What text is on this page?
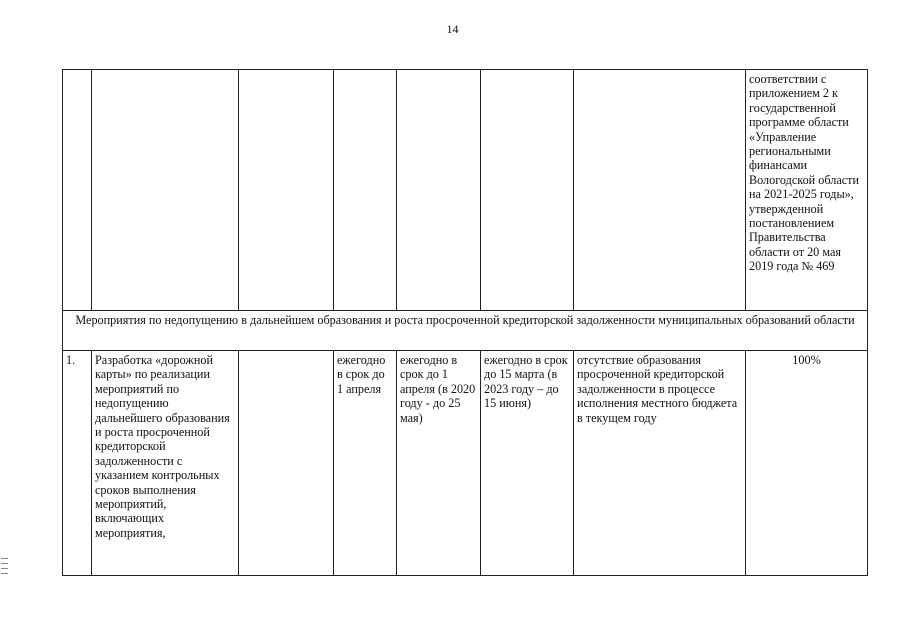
14
							соответствии с приложением 2 к государственной программе области «Управление региональными финансами Вологодской области на 2021-2025 годы», утвержденной постановлением Правительства области от 20 мая 2019 года № 469
Мероприятия по недопущению в дальнейшем образования и роста просроченной кредиторской задолженности муниципальных образований области							
1.	Разработка «дорожной карты» по реализации мероприятий по недопущению дальнейшего образования и роста просроченной кредиторской задолженности с указанием контрольных сроков выполнения мероприятий, включающих мероприятия,		ежегодно в срок до 1 апреля	ежегодно в срок до 1 апреля (в 2020 году - до 25 мая)	ежегодно в срок до 15 марта (в 2023 году – до 15 июня)	отсутствие образования просроченной кредиторской задолженности в процессе исполнения местного бюджета в текущем году	100%
